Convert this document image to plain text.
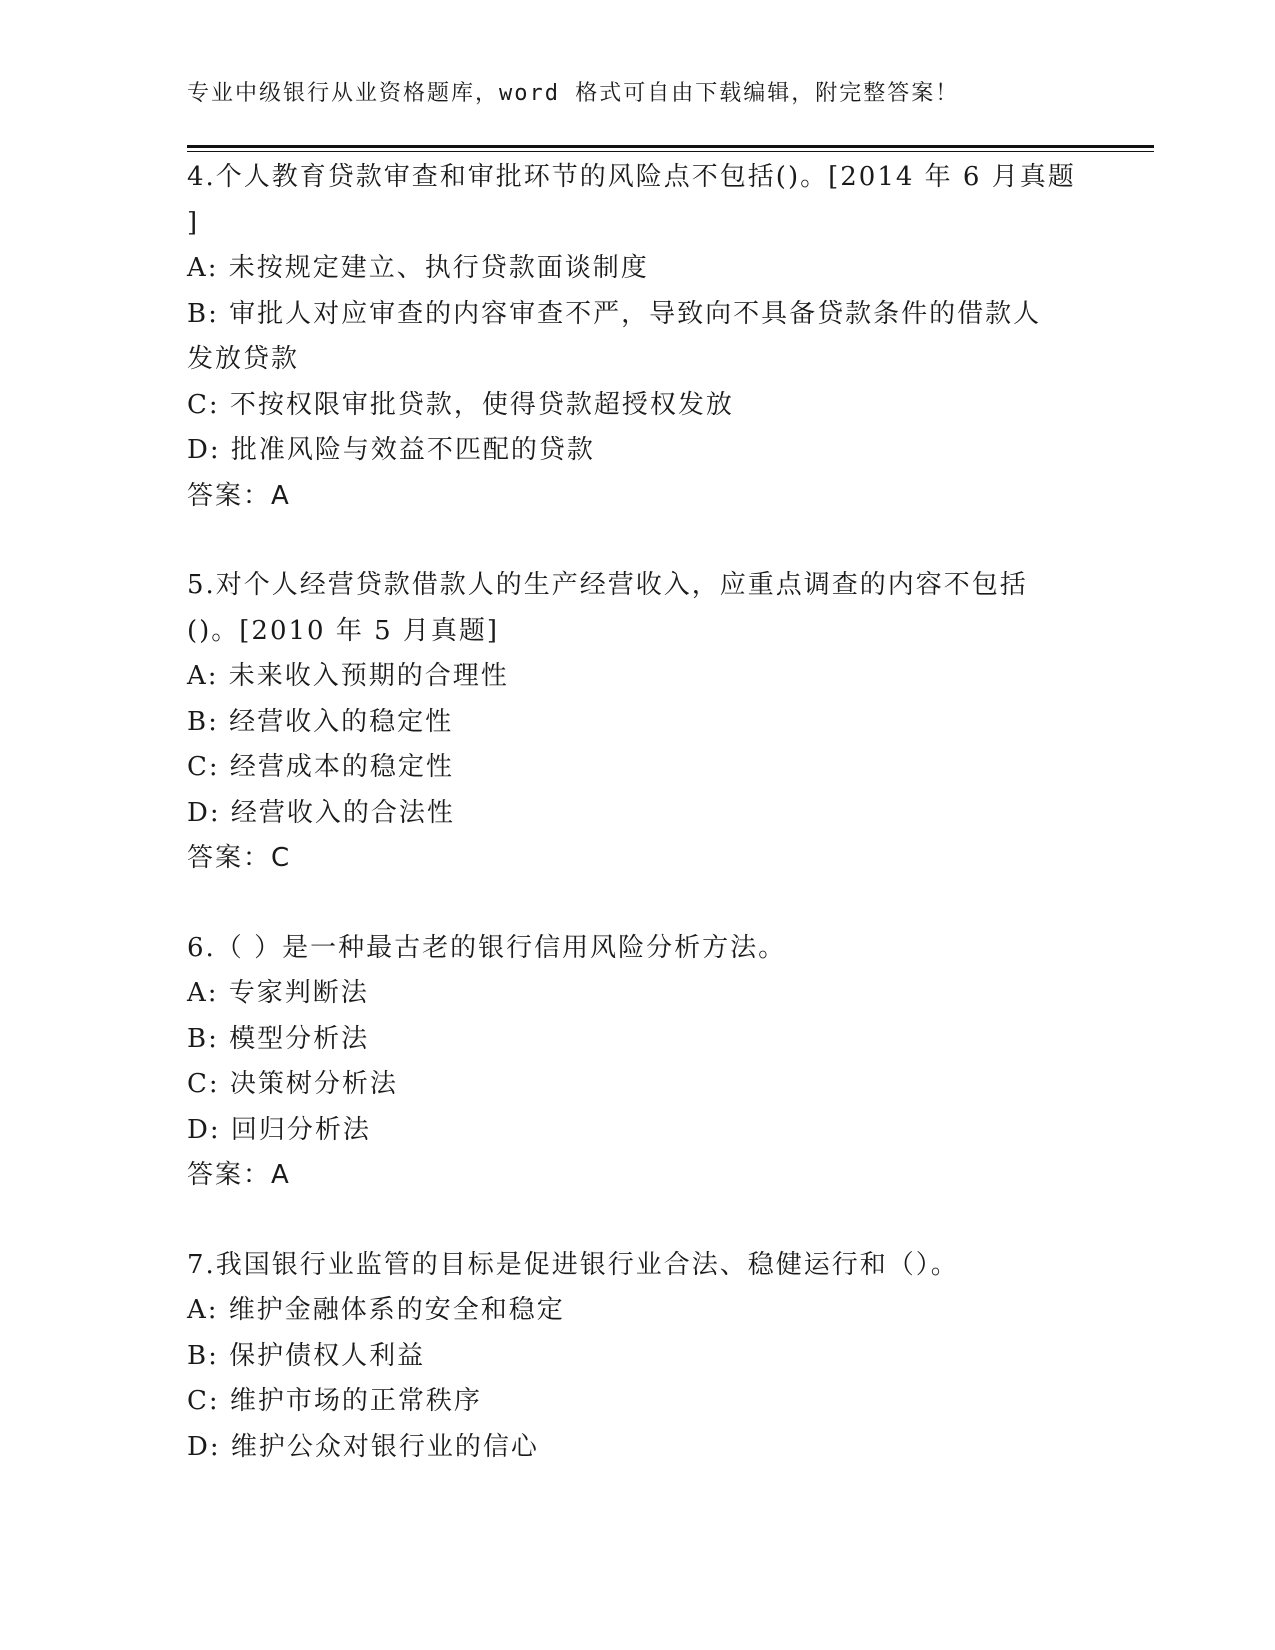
专业中级银行从业资格题库，word 格式可自由下载编辑，附完整答案！
4.个人教育贷款审查和审批环节的风险点不包括()。[2014 年 6 月真题
]
A: 未按规定建立、执行贷款面谈制度
B: 审批人对应审查的内容审查不严，导致向不具备贷款条件的借款人
发放贷款
C: 不按权限审批贷款，使得贷款超授权发放
D: 批准风险与效益不匹配的贷款
答案：A
5.对个人经营贷款借款人的生产经营收入，应重点调查的内容不包括
()。[2010 年 5 月真题]
A: 未来收入预期的合理性
B: 经营收入的稳定性
C: 经营成本的稳定性
D: 经营收入的合法性
答案：C
6.（ ）是一种最古老的银行信用风险分析方法。
A: 专家判断法
B: 模型分析法
C: 决策树分析法
D: 回归分析法
答案：A
7.我国银行业监管的目标是促进银行业合法、稳健运行和（）。
A: 维护金融体系的安全和稳定
B: 保护债权人利益
C: 维护市场的正常秩序
D: 维护公众对银行业的信心
